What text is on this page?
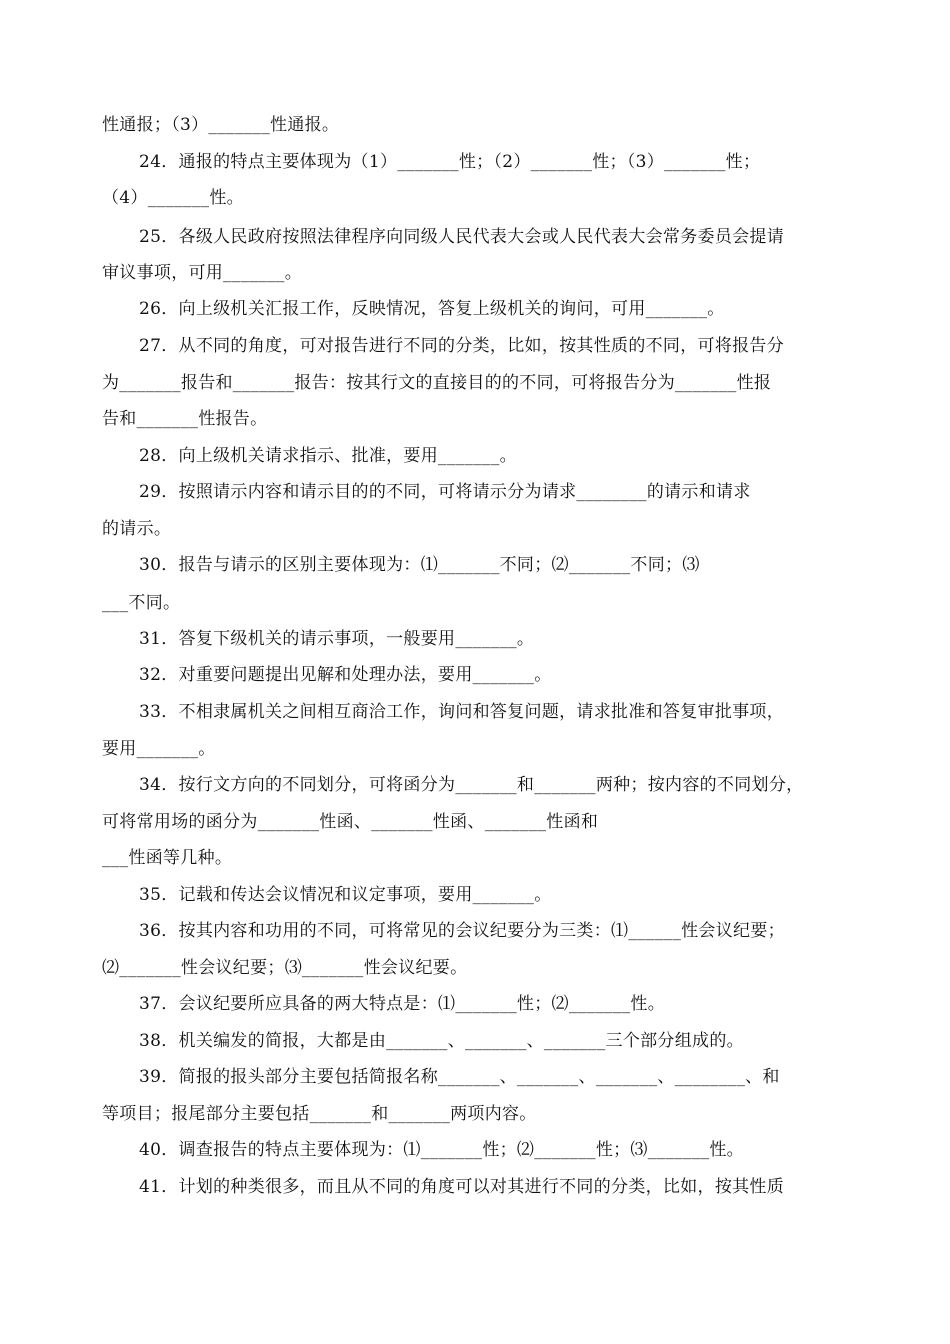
性通报；（3）_______性通报。
24．通报的特点主要体现为（1）_______性；（2）_______性；（3）_______性；
（4）_______性。
25．各级人民政府按照法律程序向同级人民代表大会或人民代表大会常务委员会提请
审议事项，可用_______。
26．向上级机关汇报工作，反映情况，答复上级机关的询问，可用_______。
27．从不同的角度，可对报告进行不同的分类，比如，按其性质的不同，可将报告分
为_______报告和_______报告：按其行文的直接目的的不同，可将报告分为_______性报
告和_______性报告。
28．向上级机关请求指示、批准，要用_______。
29．按照请示内容和请示目的的不同，可将请示分为请求________的请示和请求
的请示。
30．报告与请示的区别主要体现为：⑴_______不同；⑵_______不同；⑶
___不同。
31．答复下级机关的请示事项，一般要用_______。
32．对重要问题提出见解和处理办法，要用_______。
33．不相隶属机关之间相互商洽工作，询问和答复问题，请求批准和答复审批事项，
要用_______。
34．按行文方向的不同划分，可将函分为_______和_______两种；按内容的不同划分，
可将常用场的函分为_______性函、_______性函、_______性函和
___性函等几种。
35．记载和传达会议情况和议定事项，要用_______。
36．按其内容和功用的不同，可将常见的会议纪要分为三类：⑴______性会议纪要；
⑵_______性会议纪要；⑶_______性会议纪要。
37．会议纪要所应具备的两大特点是：⑴_______性；⑵_______性。
38．机关编发的简报，大都是由_______、_______、_______三个部分组成的。
39．简报的报头部分主要包括简报名称_______、_______、_______、________、和
等项目；报尾部分主要包括_______和_______两项内容。
40．调查报告的特点主要体现为：⑴_______性；⑵_______性；⑶_______性。
41．计划的种类很多，而且从不同的角度可以对其进行不同的分类，比如，按其性质
